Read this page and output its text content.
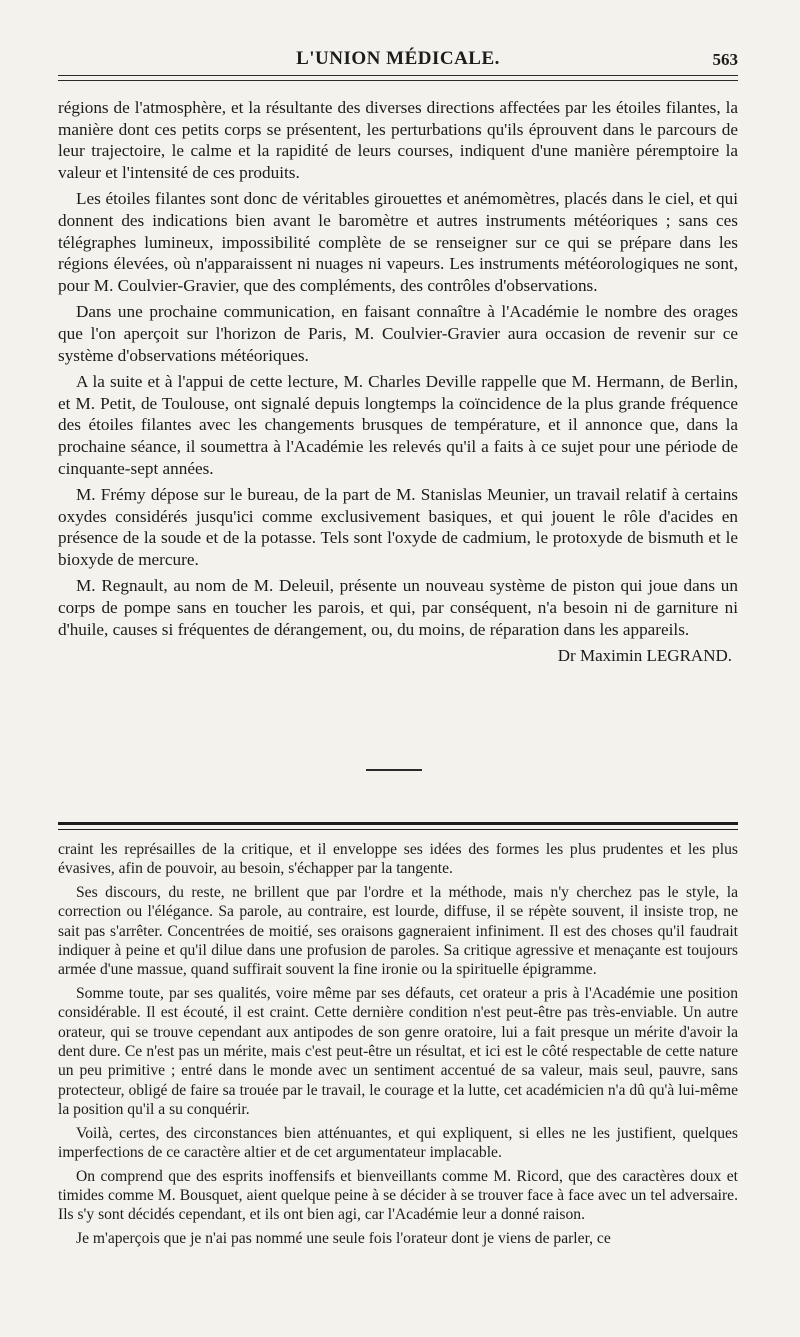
L'UNION MÉDICALE.	563

régions de l'atmosphère, et la résultante des diverses directions affectées par les étoiles filantes, la manière dont ces petits corps se présentent, les perturbations qu'ils éprouvent dans le parcours de leur trajectoire, le calme et la rapidité de leurs courses, indiquent d'une manière péremptoire la valeur et l'intensité de ces produits.

Les étoiles filantes sont donc de véritables girouettes et anémomètres, placés dans le ciel, et qui donnent des indications bien avant le baromètre et autres instruments météoriques ; sans ces télégraphes lumineux, impossibilité complète de se renseigner sur ce qui se prépare dans les régions élevées, où n'apparaissent ni nuages ni vapeurs. Les instruments météorologiques ne sont, pour M. Coulvier-Gravier, que des compléments, des contrôles d'observations.

Dans une prochaine communication, en faisant connaître à l'Académie le nombre des orages que l'on aperçoit sur l'horizon de Paris, M. Coulvier-Gravier aura occasion de revenir sur ce système d'observations météoriques.

A la suite et à l'appui de cette lecture, M. Charles Deville rappelle que M. Hermann, de Berlin, et M. Petit, de Toulouse, ont signalé depuis longtemps la coïncidence de la plus grande fréquence des étoiles filantes avec les changements brusques de température, et il annonce que, dans la prochaine séance, il soumettra à l'Académie les relevés qu'il a faits à ce sujet pour une période de cinquante-sept années.

M. Frémy dépose sur le bureau, de la part de M. Stanislas Meunier, un travail relatif à certains oxydes considérés jusqu'ici comme exclusivement basiques, et qui jouent le rôle d'acides en présence de la soude et de la potasse. Tels sont l'oxyde de cadmium, le protoxyde de bismuth et le bioxyde de mercure.

M. Regnault, au nom de M. Deleuil, présente un nouveau système de piston qui joue dans un corps de pompe sans en toucher les parois, et qui, par conséquent, n'a besoin ni de garniture ni d'huile, causes si fréquentes de dérangement, ou, du moins, de réparation dans les appareils.

Dr Maximin LEGRAND.

craint les représailles de la critique, et il enveloppe ses idées des formes les plus prudentes et les plus évasives, afin de pouvoir, au besoin, s'échapper par la tangente.

Ses discours, du reste, ne brillent que par l'ordre et la méthode, mais n'y cherchez pas le style, la correction ou l'élégance. Sa parole, au contraire, est lourde, diffuse, il se répète souvent, il insiste trop, ne sait pas s'arrêter. Concentrées de moitié, ses oraisons gagneraient infiniment. Il est des choses qu'il faudrait indiquer à peine et qu'il dilue dans une profusion de paroles. Sa critique agressive et menaçante est toujours armée d'une massue, quand suffirait souvent la fine ironie ou la spirituelle épigramme.

Somme toute, par ses qualités, voire même par ses défauts, cet orateur a pris à l'Académie une position considérable. Il est écouté, il est craint. Cette dernière condition n'est peut-être pas très-enviable. Un autre orateur, qui se trouve cependant aux antipodes de son genre oratoire, lui a fait presque un mérite d'avoir la dent dure. Ce n'est pas un mérite, mais c'est peut-être un résultat, et ici est le côté respectable de cette nature un peu primitive ; entré dans le monde avec un sentiment accentué de sa valeur, mais seul, pauvre, sans protecteur, obligé de faire sa trouée par le travail, le courage et la lutte, cet académicien n'a dû qu'à lui-même la position qu'il a su conquérir.

Voilà, certes, des circonstances bien atténuantes, et qui expliquent, si elles ne les justifient, quelques imperfections de ce caractère altier et de cet argumentateur implacable.

On comprend que des esprits inoffensifs et bienveillants comme M. Ricord, que des caractères doux et timides comme M. Bousquet, aient quelque peine à se décider à se trouver face à face avec un tel adversaire. Ils s'y sont décidés cependant, et ils ont bien agi, car l'Académie leur a donné raison.

Je m'aperçois que je n'ai pas nommé une seule fois l'orateur dont je viens de parler, ce
